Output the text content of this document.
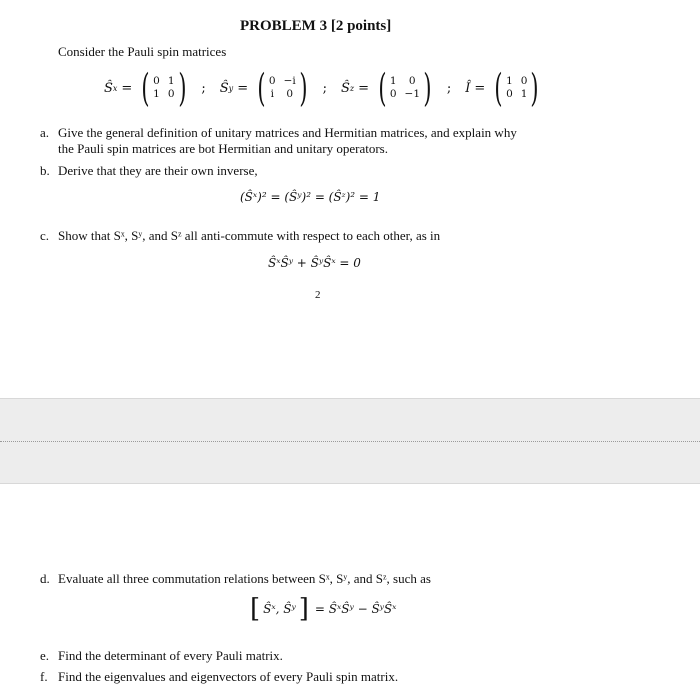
PROBLEM 3 [2 points]
Consider the Pauli spin matrices
Ŝ x = ( 0 1
1 0 ) ; Ŝ y = ( 0 −i
i 0 ) ; Ŝ z = ( 1	0
0 −1 ) ; Î = ( 1 0
0 1 )
a. Give the general definition of unitary matrices and Hermitian matrices, and explain why
the Pauli spin matrices are bot Hermitian and unitary operators.
b. Derive that they are their own inverse,
(Ŝˣ)² = (Ŝʸ)² = (Ŝᶻ)² = 1
c. Show that Sˣ, Sʸ, and Sᶻ all anti-commute with respect to each other, as in
ŜˣŜʸ + ŜʸŜˣ = 0
2
d. Evaluate all three commutation relations between Sˣ, Sʸ, and Sᶻ, such as
[ Ŝˣ, Ŝʸ ] = ŜˣŜʸ − ŜʸŜˣ
e. Find the determinant of every Pauli matrix.
f. Find the eigenvalues and eigenvectors of every Pauli spin matrix.
